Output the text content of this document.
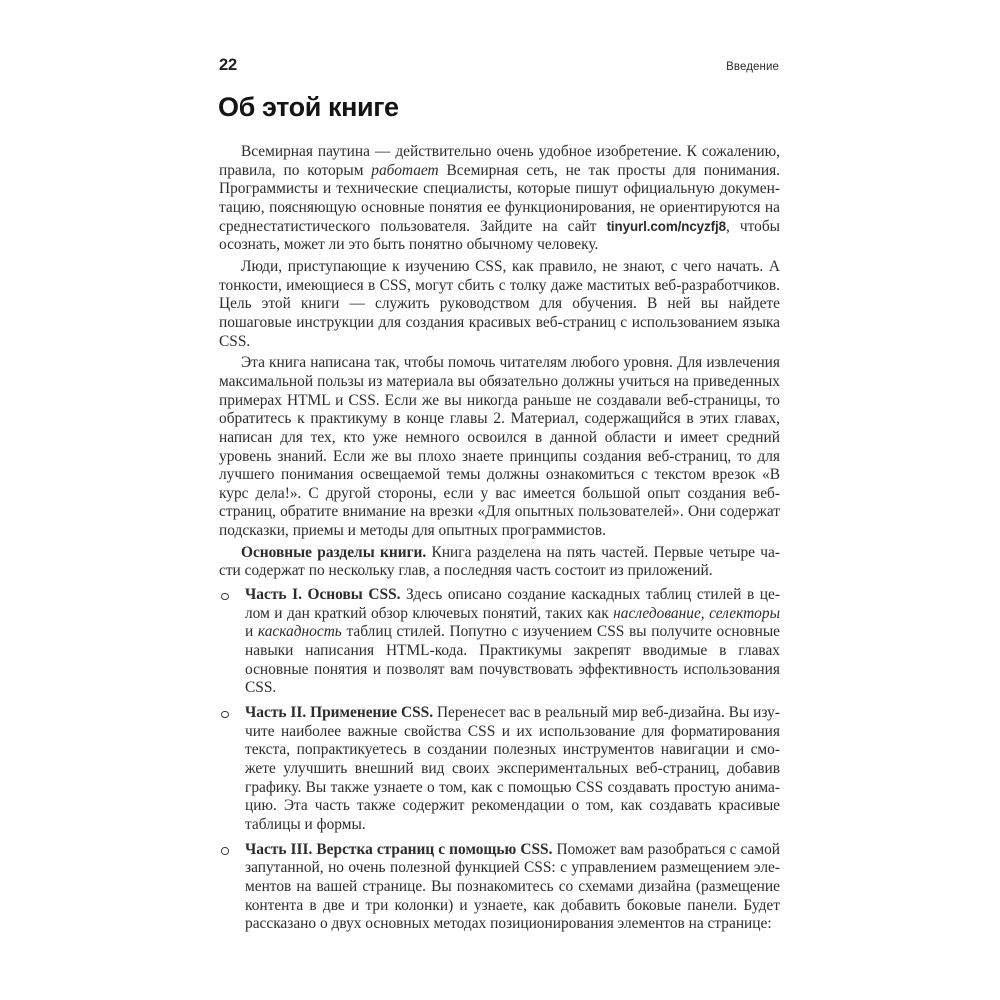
22	Введение
Об этой книге

Всемирная паутина — действительно очень удобное изобретение. К сожалению, правила, по которым работает Всемирная сеть, не так просты для понимания. Программисты и технические специалисты, которые пишут официальную документацию, поясняющую основные понятия ее функционирования, не ориентируются на среднестатистического пользователя. Зайдите на сайт tinyurl.com/ncyzfj8, чтобы осознать, может ли это быть понятно обычному человеку.

Люди, приступающие к изучению CSS, как правило, не знают, с чего начать. А тонкости, имеющиеся в CSS, могут сбить с толку даже маститых веб-разработчиков. Цель этой книги — служить руководством для обучения. В ней вы найдете пошаговые инструкции для создания красивых веб-страниц с использованием языка CSS.

Эта книга написана так, чтобы помочь читателям любого уровня. Для извлечения максимальной пользы из материала вы обязательно должны учиться на приведенных примерах HTML и CSS. Если же вы никогда раньше не создавали веб-страницы, то обратитесь к практикуму в конце главы 2. Материал, содержащийся в этих главах, написан для тех, кто уже немного освоился в данной области и имеет средний уровень знаний. Если же вы плохо знаете принципы создания веб-страниц, то для лучшего понимания освещаемой темы должны ознакомиться с текстом врезок «В курс дела!». С другой стороны, если у вас имеется большой опыт создания веб-страниц, обратите внимание на врезки «Для опытных пользователей». Они содержат подсказки, приемы и методы для опытных программистов.

Основные разделы книги. Книга разделена на пять частей. Первые четыре части содержат по нескольку глав, а последняя часть состоит из приложений.

Часть I. Основы CSS. Здесь описано создание каскадных таблиц стилей в целом и дан краткий обзор ключевых понятий, таких как наследование, селекторы и каскадность таблиц стилей. Попутно с изучением CSS вы получите основные навыки написания HTML-кода. Практикумы закрепят вводимые в главах основные понятия и позволят вам почувствовать эффективность использования CSS.
Часть II. Применение CSS. Перенесет вас в реальный мир веб-дизайна. Вы изучите наиболее важные свойства CSS и их использование для форматирования текста, попрактикуетесь в создании полезных инструментов навигации и сможете улучшить внешний вид своих экспериментальных веб-страниц, добавив графику. Вы также узнаете о том, как с помощью CSS создавать простую анимацию. Эта часть также содержит рекомендации о том, как создавать красивые таблицы и формы.
Часть III. Верстка страниц с помощью CSS. Поможет вам разобраться с самой запутанной, но очень полезной функцией CSS: с управлением размещением элементов на вашей странице. Вы познакомитесь со схемами дизайна (размещение контента в две и три колонки) и узнаете, как добавить боковые панели. Будет рассказано о двух основных методах позиционирования элементов на странице:
